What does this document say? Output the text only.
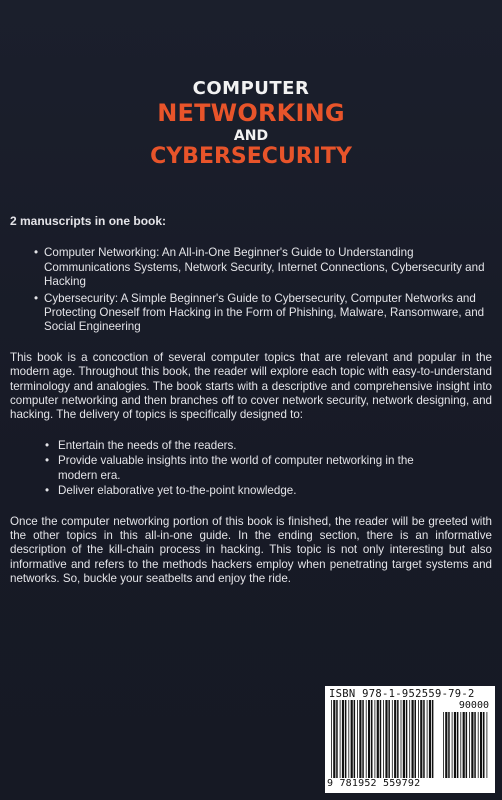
COMPUTER
NETWORKING
AND
CYBERSECURITY
2 manuscripts in one book:
• Computer Networking: An All-in-One Beginner's Guide to Understanding Communications Systems, Network Security, Internet Connections, Cybersecurity and Hacking
• Cybersecurity: A Simple Beginner's Guide to Cybersecurity, Computer Networks and Protecting Oneself from Hacking in the Form of Phishing, Malware, Ransomware, and Social Engineering

This book is a concoction of several computer topics that are relevant and popular in the modern age. Throughout this book, the reader will explore each topic with easy-to-understand terminology and analogies. The book starts with a descriptive and comprehensive insight into computer networking and then branches off to cover network security, network designing, and hacking. The delivery of topics is specifically designed to:

• Entertain the needs of the readers.
• Provide valuable insights into the world of computer networking in the modern era.
• Deliver elaborative yet to-the-point knowledge.

Once the computer networking portion of this book is finished, the reader will be greeted with the other topics in this all-in-one guide. In the ending section, there is an informative description of the kill-chain process in hacking. This topic is not only interesting but also informative and refers to the methods hackers employ when penetrating target systems and networks. So, buckle your seatbelts and enjoy the ride.

ISBN 978-1-952559-79-2
90000
9 781952 559792
